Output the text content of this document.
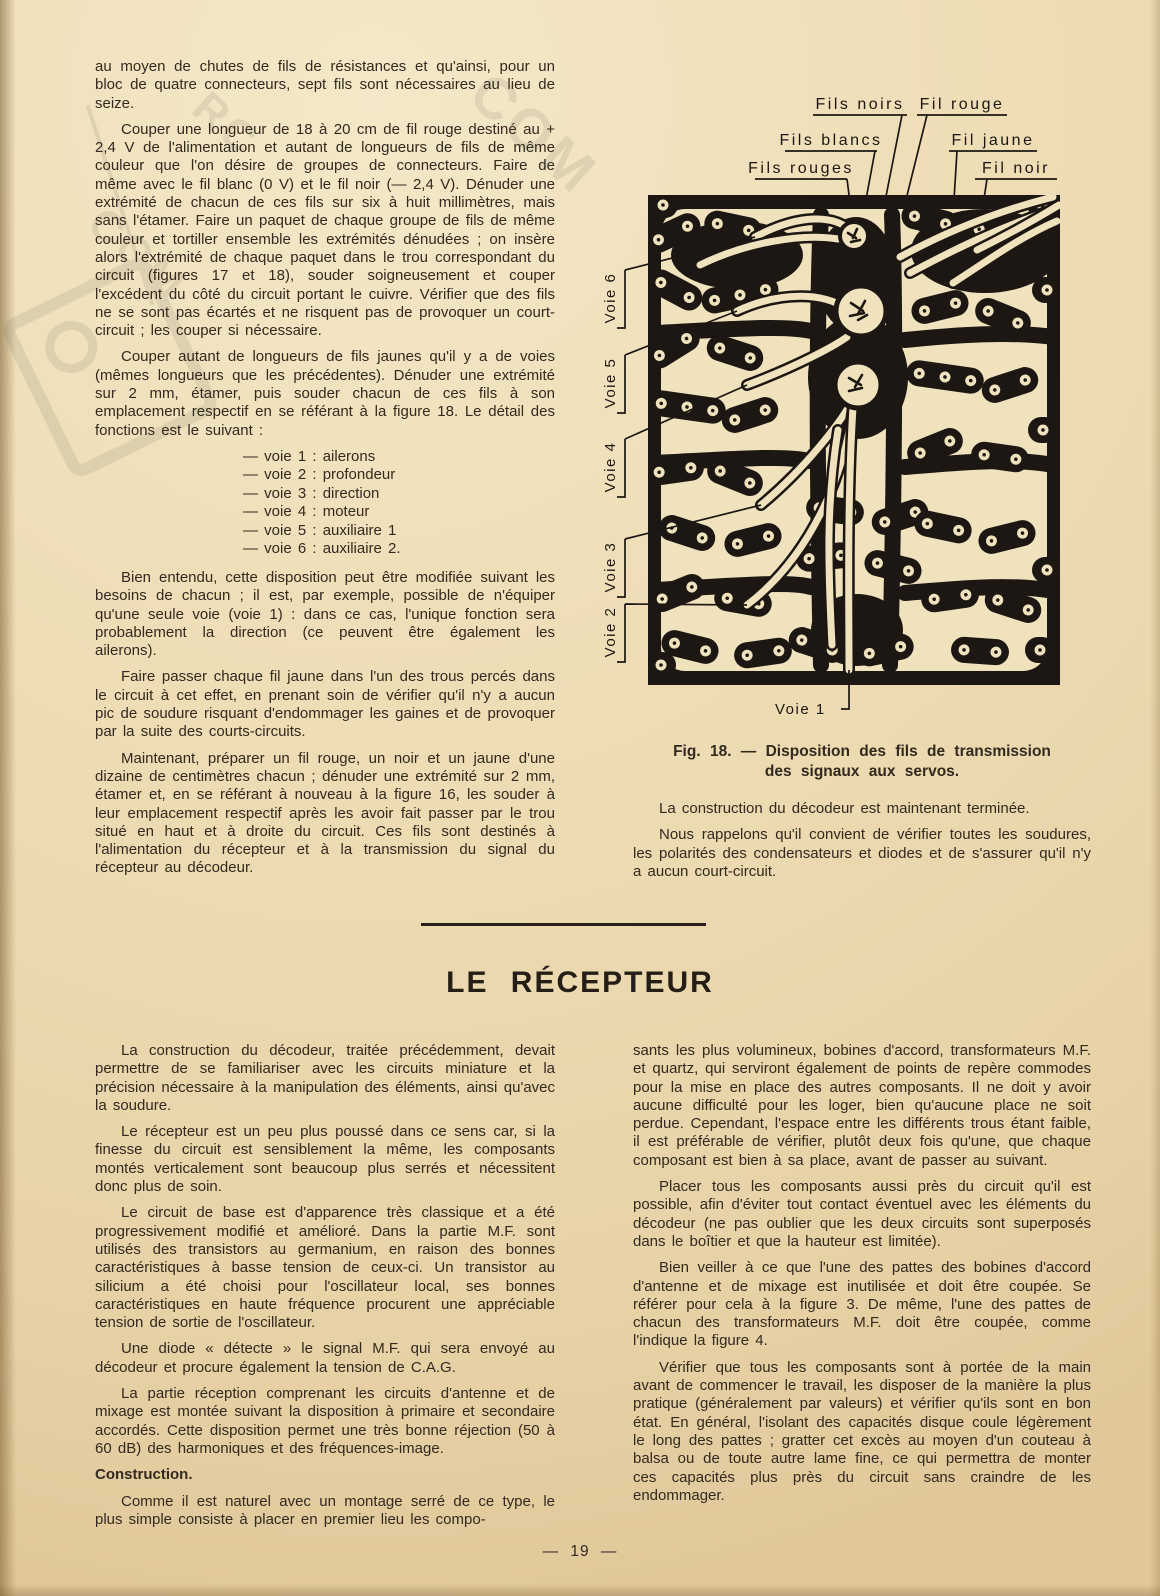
RC	COM
COM

au moyen de chutes de fils de résistances et qu'ainsi, pour un bloc de quatre connecteurs, sept fils sont nécessaires au lieu de seize.

Couper une longueur de 18 à 20 cm de fil rouge destiné au + 2,4 V de l'alimentation et autant de longueurs de fils de même couleur que l'on désire de groupes de connecteurs. Faire de même avec le fil blanc (0 V) et le fil noir (— 2,4 V). Dénuder une extrémité de chacun de ces fils sur six à huit millimètres, mais sans l'étamer. Faire un paquet de chaque groupe de fils de même couleur et tortiller ensemble les extrémités dénudées ; on insère alors l'extrémité de chaque paquet dans le trou correspondant du circuit (figures 17 et 18), souder soigneusement et couper l'excédent du côté du circuit portant le cuivre. Vérifier que des fils ne se sont pas écartés et ne risquent pas de provoquer un court-circuit ; les couper si nécessaire.

Couper autant de longueurs de fils jaunes qu'il y a de voies (mêmes longueurs que les précédentes). Dénuder une extrémité sur 2 mm, étamer, puis souder chacun de ces fils à son emplacement respectif en se référant à la figure 18. Le détail des fonctions est le suivant :

— voie 1 : ailerons
— voie 2 : profondeur
— voie 3 : direction
— voie 4 : moteur
— voie 5 : auxiliaire 1
— voie 6 : auxiliaire 2.

Bien entendu, cette disposition peut être modifiée suivant les besoins de chacun ; il est, par exemple, possible de n'équiper qu'une seule voie (voie 1) : dans ce cas, l'unique fonction sera probablement la direction (ce peuvent être également les ailerons).

Faire passer chaque fil jaune dans l'un des trous percés dans le circuit à cet effet, en prenant soin de vérifier qu'il n'y a aucun pic de soudure risquant d'endommager les gaines et de provoquer par la suite des courts-circuits.

Maintenant, préparer un fil rouge, un noir et un jaune d'une dizaine de centimètres chacun ; dénuder une extrémité sur 2 mm, étamer et, en se référant à nouveau à la figure 16, les souder à leur emplacement respectif après les avoir fait passer par le trou situé en haut et à droite du circuit. Ces fils sont destinés à l'alimentation du récepteur et à la transmission du signal du récepteur au décodeur.

Fils noirs Fil rouge
Fils blancs	Fil jaune
Fils rouges	Fil noir
Voie 6
Voie 5
Voie 4
Voie 3
Voie 2
Voie 1
Fig. 18. — Disposition des fils de transmission
des signaux aux servos.

La construction du décodeur est maintenant terminée.

Nous rappelons qu'il convient de vérifier toutes les soudures, les polarités des condensateurs et diodes et de s'assurer qu'il n'y a aucun court-circuit.

LE RÉCEPTEUR

La construction du décodeur, traitée précédemment, devait permettre de se familiariser avec les circuits miniature et la précision nécessaire à la manipulation des éléments, ainsi qu'avec la soudure.

Le récepteur est un peu plus poussé dans ce sens car, si la finesse du circuit est sensiblement la même, les composants montés verticalement sont beaucoup plus serrés et nécessitent donc plus de soin.

Le circuit de base est d'apparence très classique et a été progressivement modifié et amélioré. Dans la partie M.F. sont utilisés des transistors au germanium, en raison des bonnes caractéristiques à basse tension de ceux-ci. Un transistor au silicium a été choisi pour l'oscillateur local, ses bonnes caractéristiques en haute fréquence procurent une appréciable tension de sortie de l'oscillateur.

Une diode « détecte » le signal M.F. qui sera envoyé au décodeur et procure également la tension de C.A.G.

La partie réception comprenant les circuits d'antenne et de mixage est montée suivant la disposition à primaire et secondaire accordés. Cette disposition permet une très bonne réjection (50 à 60 dB) des harmoniques et des fréquences-image.

Construction.

Comme il est naturel avec un montage serré de ce type, le plus simple consiste à placer en premier lieu les compo-

sants les plus volumineux, bobines d'accord, transformateurs M.F. et quartz, qui serviront également de points de repère commodes pour la mise en place des autres composants. Il ne doit y avoir aucune difficulté pour les loger, bien qu'aucune place ne soit perdue. Cependant, l'espace entre les différents trous étant faible, il est préférable de vérifier, plutôt deux fois qu'une, que chaque composant est bien à sa place, avant de passer au suivant.

Placer tous les composants aussi près du circuit qu'il est possible, afin d'éviter tout contact éventuel avec les éléments du décodeur (ne pas oublier que les deux circuits sont superposés dans le boîtier et que la hauteur est limitée).

Bien veiller à ce que l'une des pattes des bobines d'accord d'antenne et de mixage est inutilisée et doit être coupée. Se référer pour cela à la figure 3. De même, l'une des pattes de chacun des transformateurs M.F. doit être coupée, comme l'indique la figure 4.

Vérifier que tous les composants sont à portée de la main avant de commencer le travail, les disposer de la manière la plus pratique (généralement par valeurs) et vérifier qu'ils sont en bon état. En général, l'isolant des capacités disque coule légèrement le long des pattes ; gratter cet excès au moyen d'un couteau à balsa ou de toute autre lame fine, ce qui permettra de monter ces capacités plus près du circuit sans craindre de les endommager.

— 19 —
